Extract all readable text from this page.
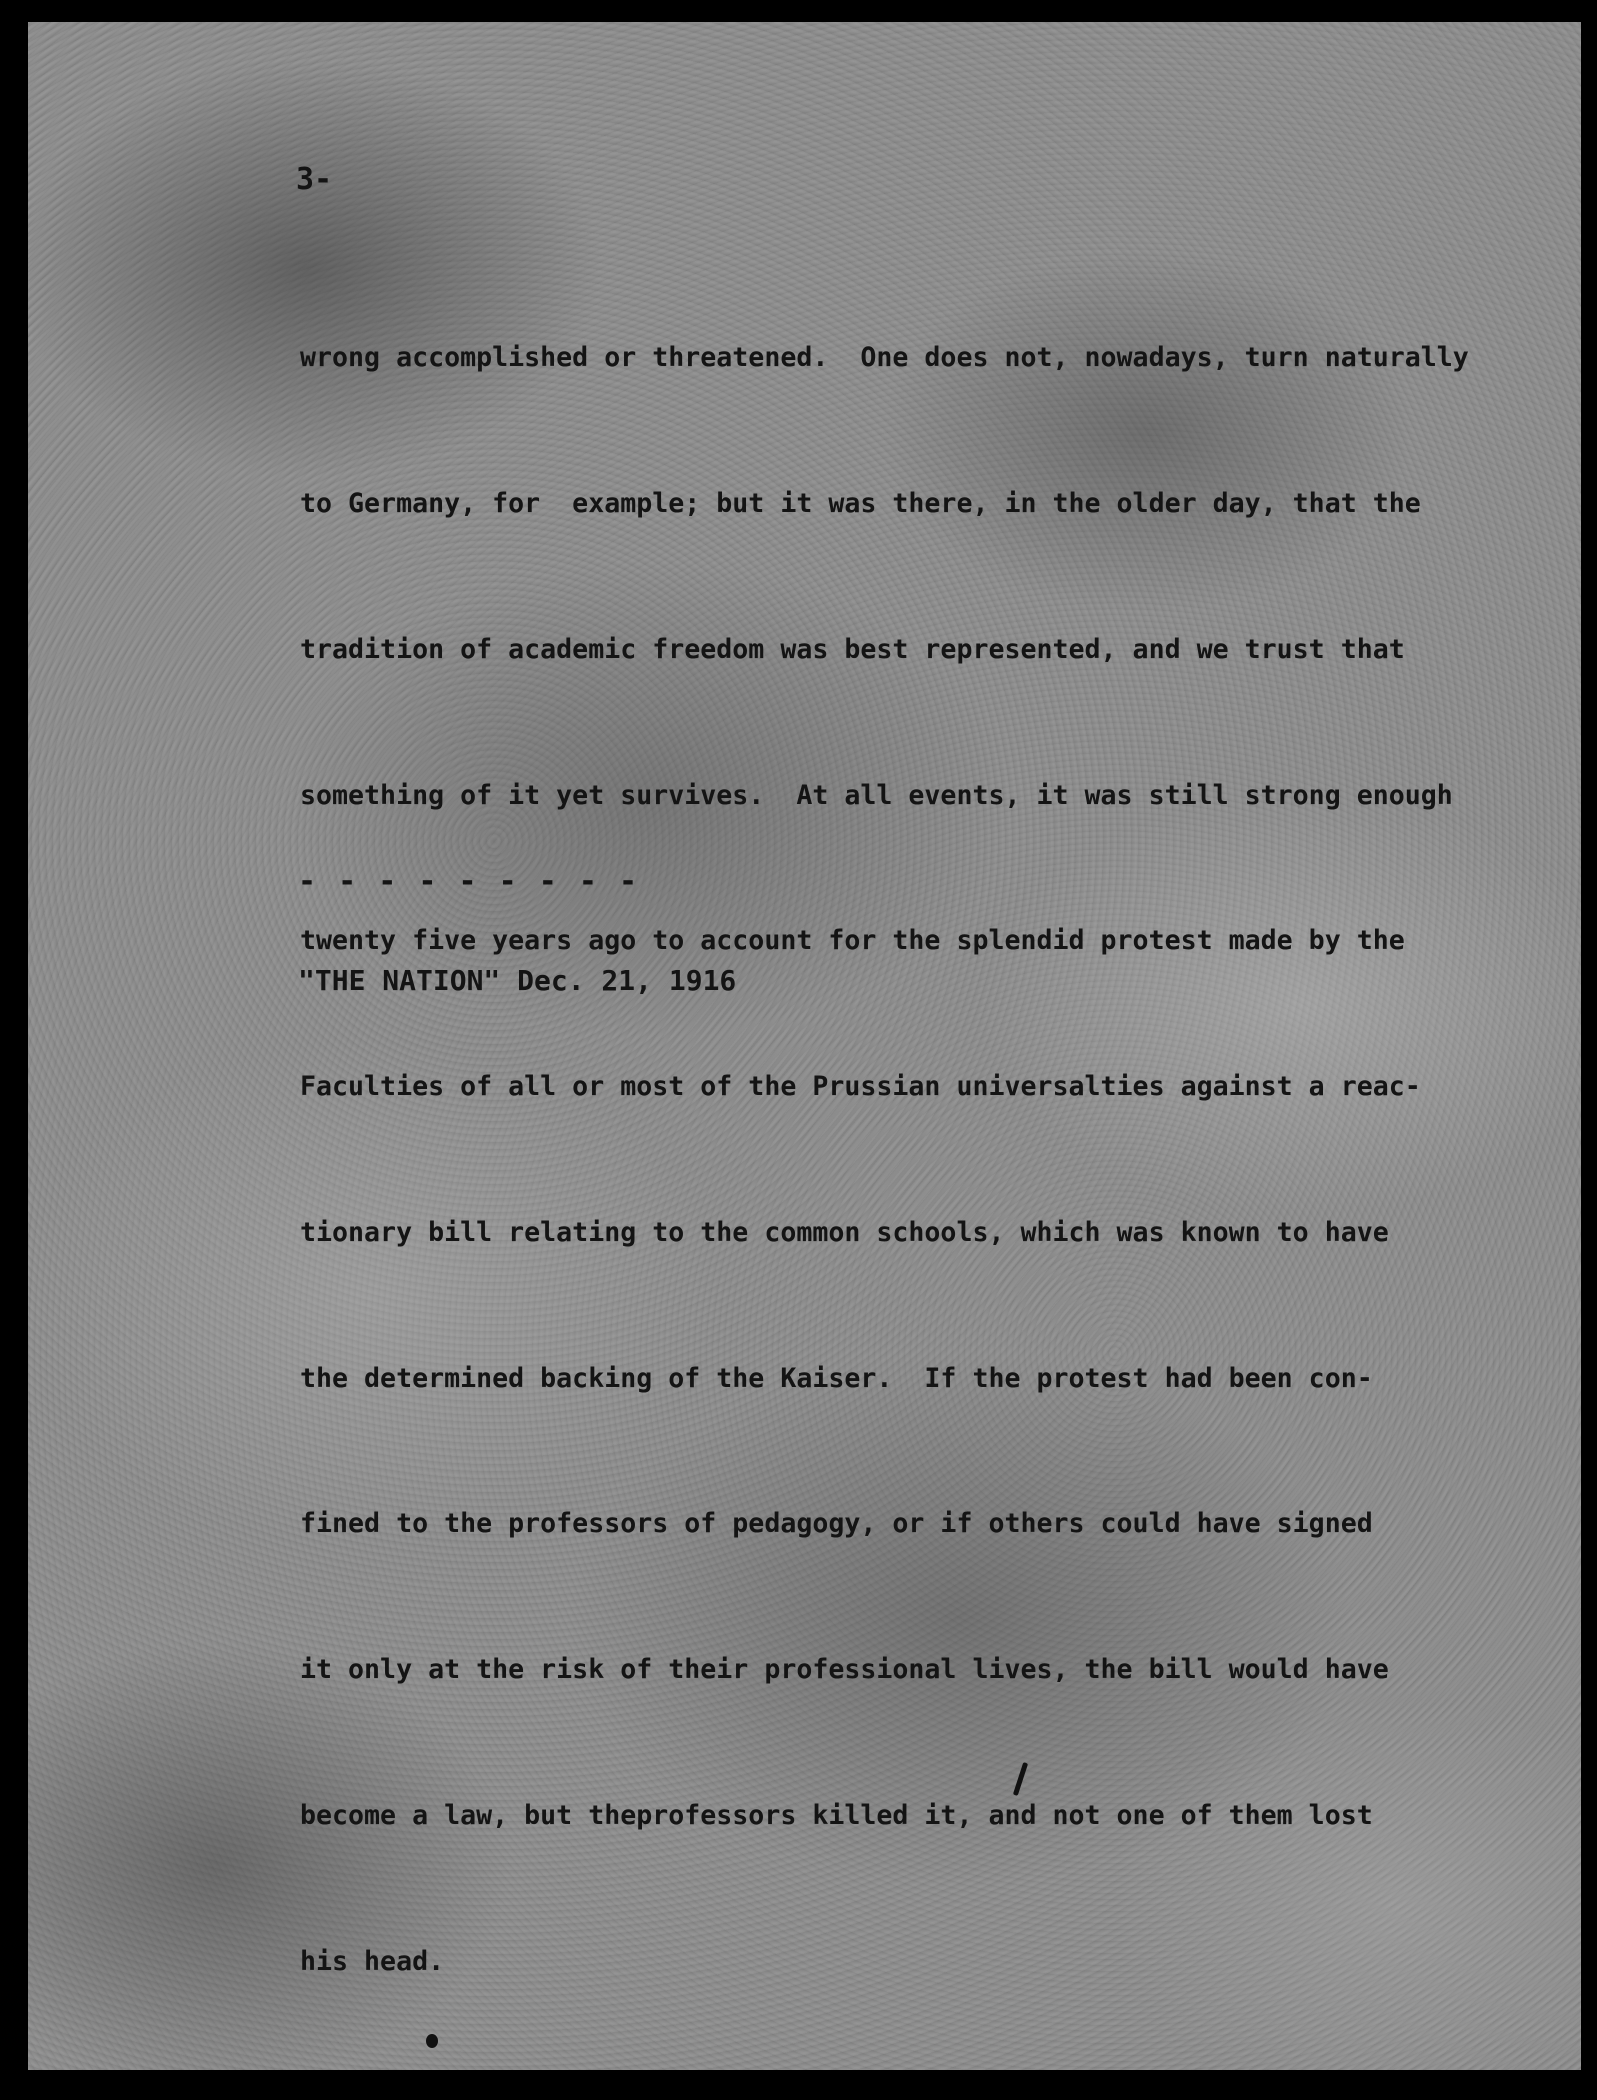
3-

wrong accomplished or threatened.  One does not, nowadays, turn naturally

to Germany, for  example; but it was there, in the older day, that the

tradition of academic freedom was best represented, and we trust that

something of it yet survives.  At all events, it was still strong enough

twenty five years ago to account for the splendid protest made by the

Faculties of all or most of the Prussian universalties against a reac-

tionary bill relating to the common schools, which was known to have

the determined backing of the Kaiser.  If the protest had been con-

fined to the professors of pedagogy, or if others could have signed

it only at the risk of their professional lives, the bill would have

become a law, but theprofessors killed it, and not one of them lost

his head.

- - - - - - - - -
"THE NATION" Dec. 21, 1916
